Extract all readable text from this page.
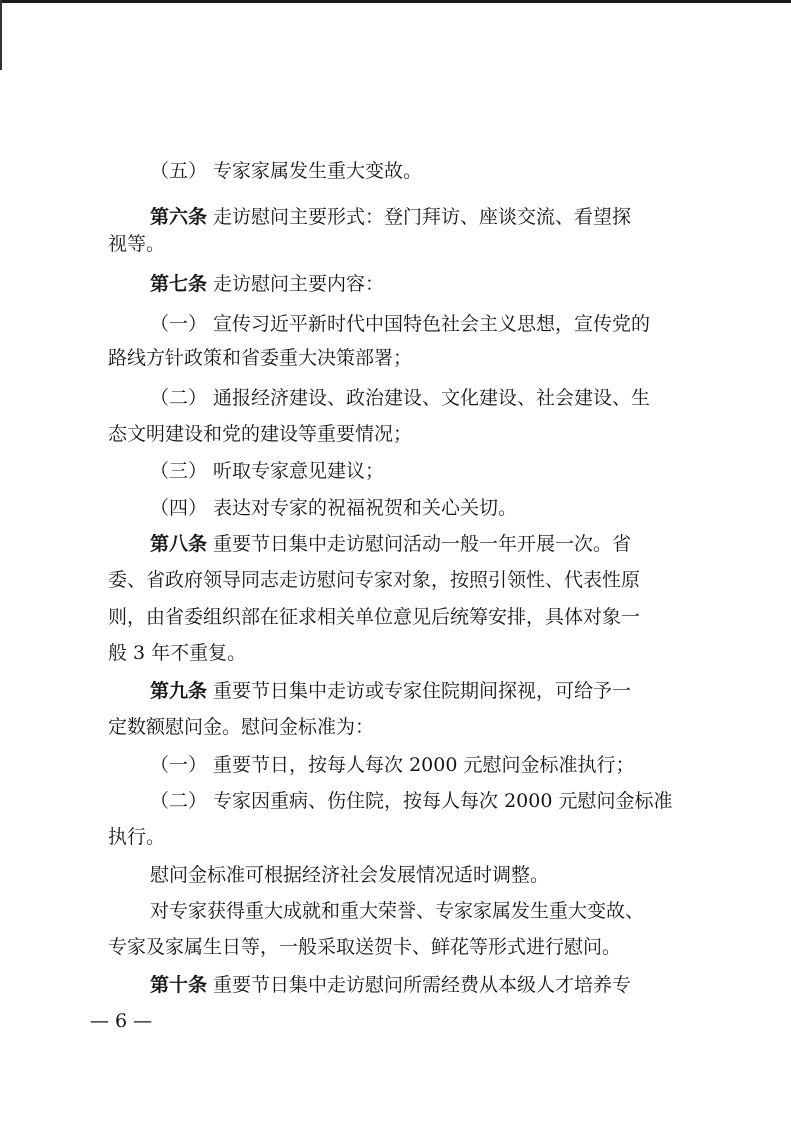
（五） 专家家属发生重大变故。
第六条 走访慰问主要形式：登门拜访、座谈交流、看望探
视等。
第七条 走访慰问主要内容：
（一） 宣传习近平新时代中国特色社会主义思想，宣传党的
路线方针政策和省委重大决策部署；
（二） 通报经济建设、政治建设、文化建设、社会建设、生
态文明建设和党的建设等重要情况；
（三） 听取专家意见建议；
（四） 表达对专家的祝福祝贺和关心关切。
第八条 重要节日集中走访慰问活动一般一年开展一次。省
委、省政府领导同志走访慰问专家对象，按照引领性、代表性原
则，由省委组织部在征求相关单位意见后统筹安排，具体对象一
般 3 年不重复。
第九条 重要节日集中走访或专家住院期间探视，可给予一
定数额慰问金。慰问金标准为：
（一） 重要节日，按每人每次 2000 元慰问金标准执行；
（二） 专家因重病、伤住院，按每人每次 2000 元慰问金标准
执行。
慰问金标准可根据经济社会发展情况适时调整。
对专家获得重大成就和重大荣誉、专家家属发生重大变故、
专家及家属生日等，一般采取送贺卡、鲜花等形式进行慰问。
第十条 重要节日集中走访慰问所需经费从本级人才培养专
— 6 —
